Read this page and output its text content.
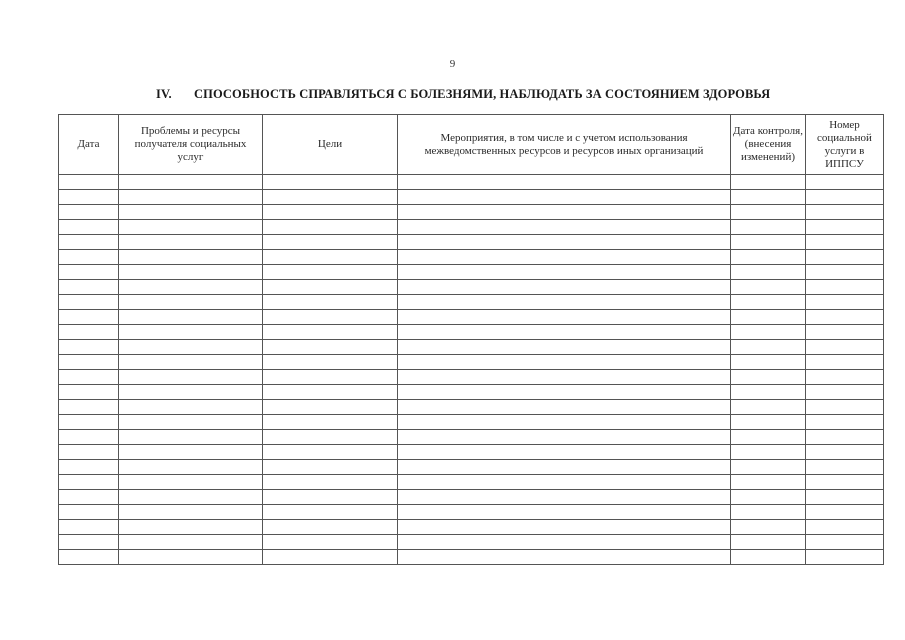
9
IV. СПОСОБНОСТЬ СПРАВЛЯТЬСЯ С БОЛЕЗНЯМИ, НАБЛЮДАТЬ ЗА СОСТОЯНИЕМ ЗДОРОВЬЯ
Дата	Проблемы и ресурсы получателя социальных услуг	Цели	Мероприятия, в том числе и с учетом использования межведомственных ресурсов и ресурсов иных организаций	Дата контроля, (внесения изменений)	Номер социальной услуги в ИППСУ
